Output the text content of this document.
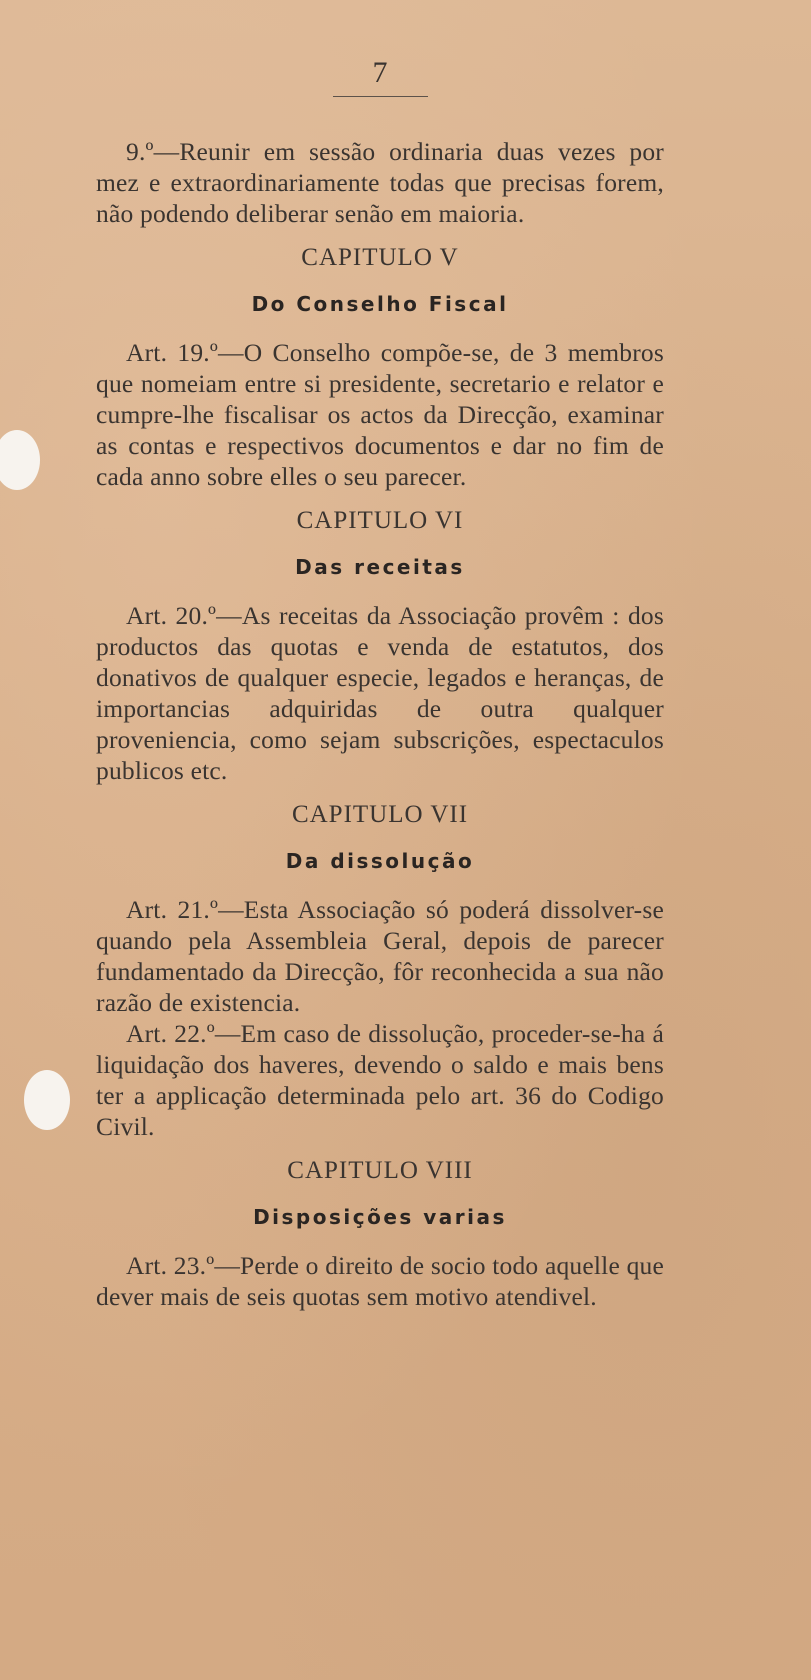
7

9.º—Reunir em sessão ordinaria duas vezes por mez e extraordinariamente todas que precisas forem, não podendo deliberar senão em maioria.

CAPITULO V
Do Conselho Fiscal

Art. 19.º—O Conselho compõe-se, de 3 membros que nomeiam entre si presidente, secretario e relator e cumpre-lhe fiscalisar os actos da Direcção, examinar as contas e respectivos documentos e dar no fim de cada anno sobre elles o seu parecer.

CAPITULO VI
Das receitas

Art. 20.º—As receitas da Associação provêm : dos productos das quotas e venda de estatutos, dos donativos de qualquer especie, legados e heranças, de importancias adquiridas de outra qualquer proveniencia, como sejam subscrições, espectaculos publicos etc.

CAPITULO VII
Da dissolução

Art. 21.º—Esta Associação só poderá dissolver-se quando pela Assembleia Geral, depois de parecer fundamentado da Direcção, fôr reconhecida a sua não razão de existencia.

Art. 22.º—Em caso de dissolução, proceder-se-ha á liquidação dos haveres, devendo o saldo e mais bens ter a applicação determinada pelo art. 36 do Codigo Civil.

CAPITULO VIII
Disposições varias

Art. 23.º—Perde o direito de socio todo aquelle que dever mais de seis quotas sem motivo atendivel.
